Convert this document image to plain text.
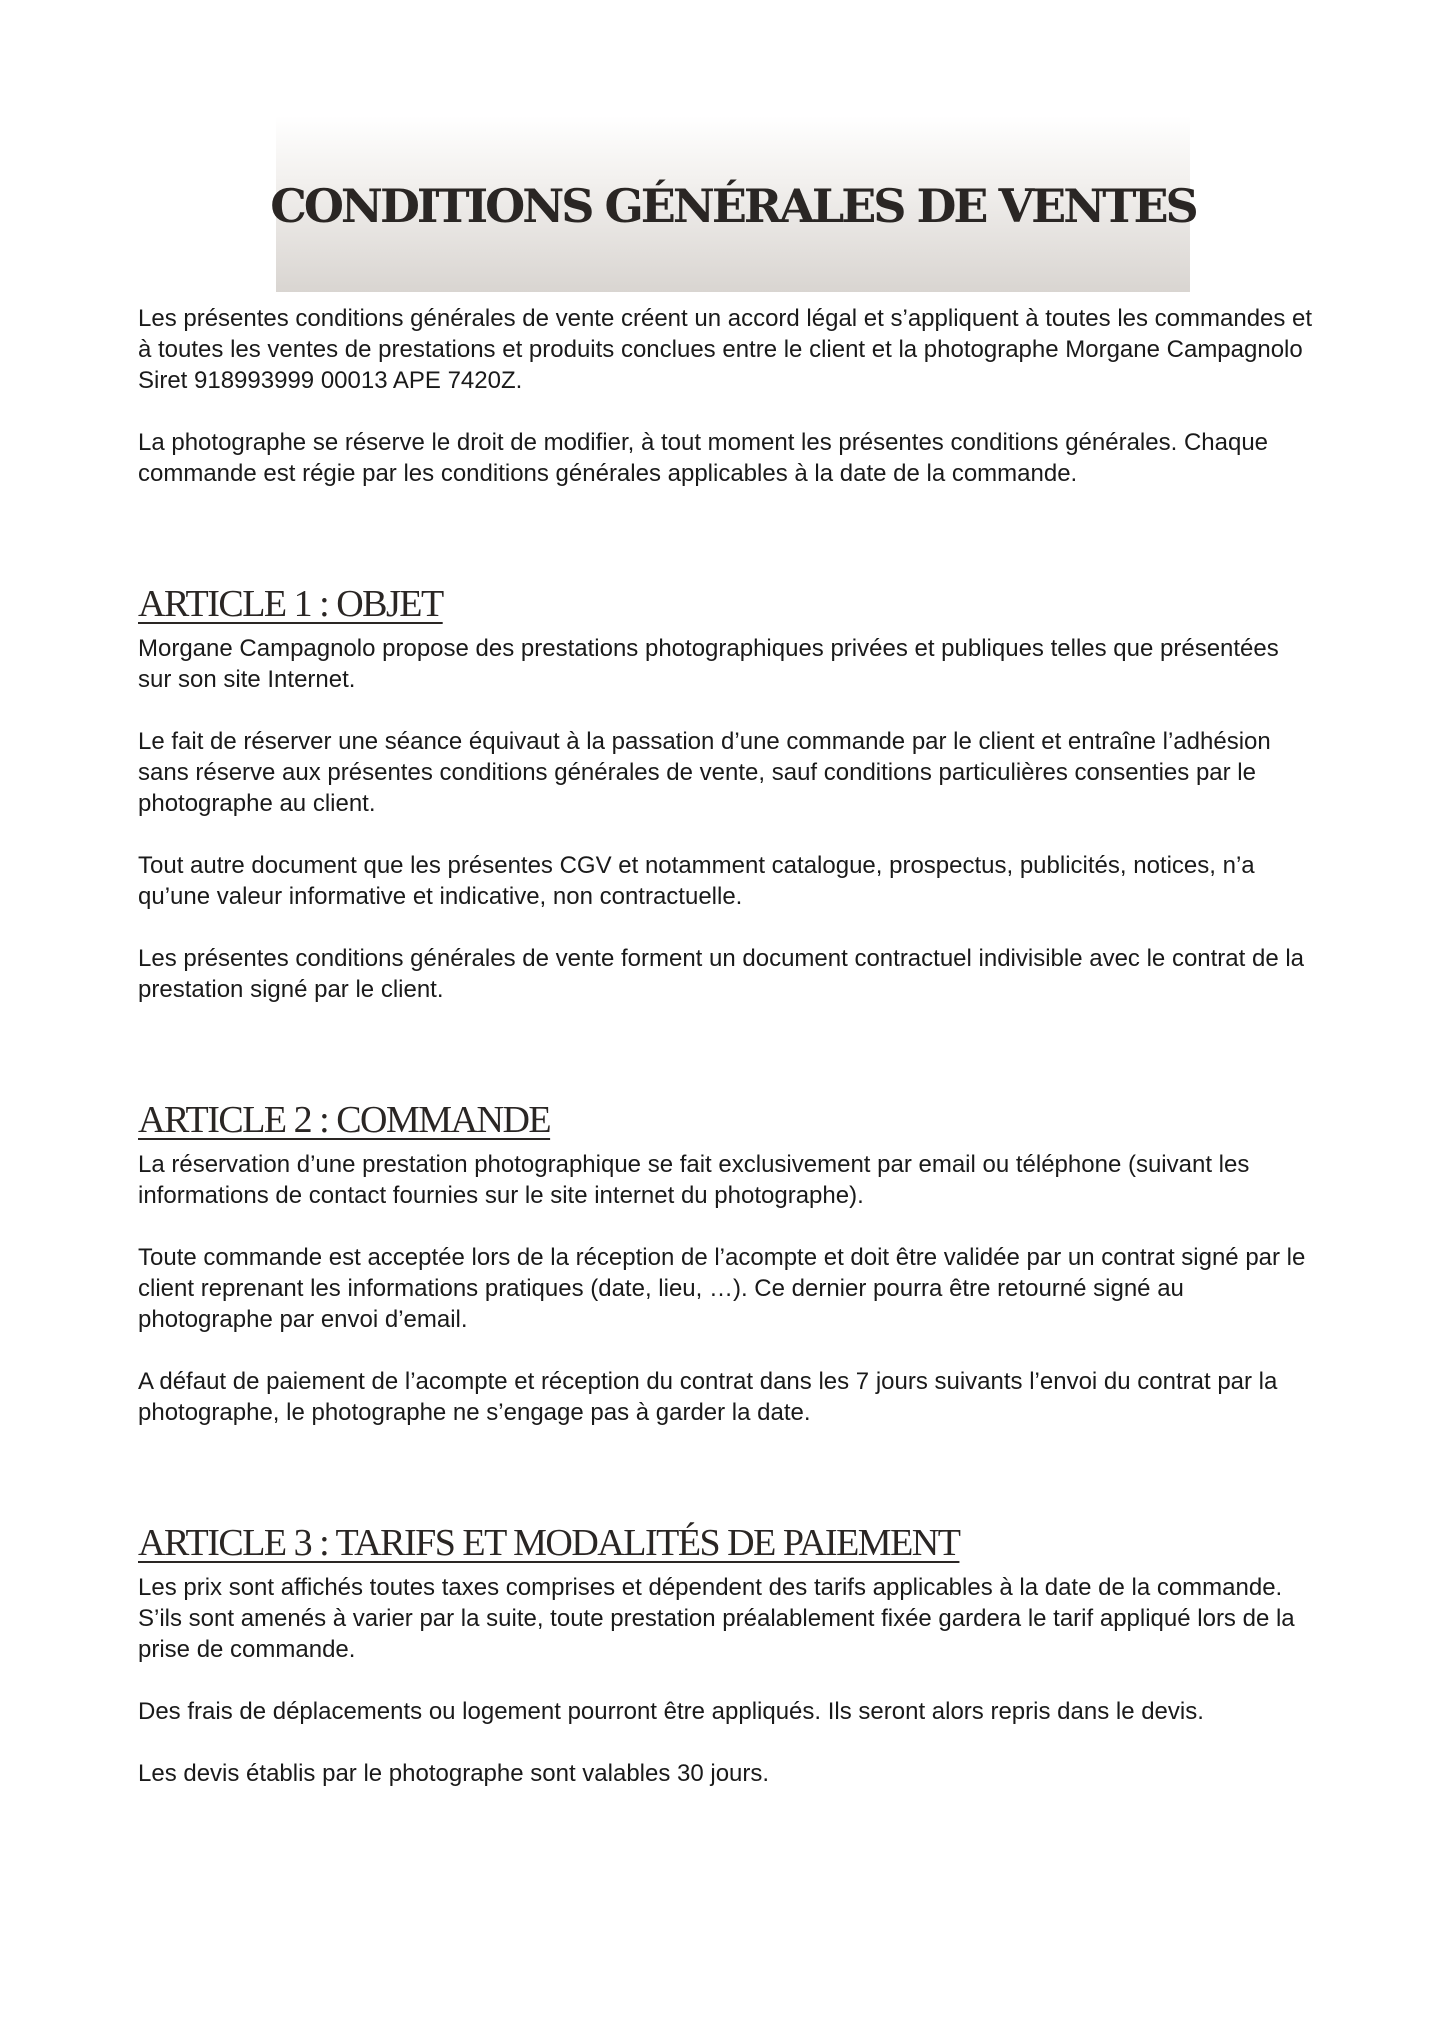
CONDITIONS GÉNÉRALES DE VENTES

Les présentes conditions générales de vente créent un accord légal et s’appliquent à toutes les commandes et à toutes les ventes de prestations et produits conclues entre le client et la photographe Morgane Campagnolo Siret 918993999 00013 APE 7420Z.

La photographe se réserve le droit de modifier, à tout moment les présentes conditions générales. Chaque commande est régie par les conditions générales applicables à la date de la commande.

ARTICLE 1 : OBJET

Morgane Campagnolo propose des prestations photographiques privées et publiques telles que présentées sur son site Internet.

Le fait de réserver une séance équivaut à la passation d’une commande par le client et entraîne l’adhésion sans réserve aux présentes conditions générales de vente, sauf conditions particulières consenties par le photographe au client.

Tout autre document que les présentes CGV et notamment catalogue, prospectus, publicités, notices, n’a qu’une valeur informative et indicative, non contractuelle.

Les présentes conditions générales de vente forment un document contractuel indivisible avec le contrat de la prestation signé par le client.

ARTICLE 2 : COMMANDE

La réservation d’une prestation photographique se fait exclusivement par email ou téléphone (suivant les informations de contact fournies sur le site internet du photographe).

Toute commande est acceptée lors de la réception de l’acompte et doit être validée par un contrat signé par le client reprenant les informations pratiques (date, lieu, …). Ce dernier pourra être retourné signé au photographe par envoi d’email.

A défaut de paiement de l’acompte et réception du contrat dans les 7 jours suivants l’envoi du contrat par la photographe, le photographe ne s’engage pas à garder la date.

ARTICLE 3 : TARIFS ET MODALITÉS DE PAIEMENT

Les prix sont affichés toutes taxes comprises et dépendent des tarifs applicables à la date de la commande. S’ils sont amenés à varier par la suite, toute prestation préalablement fixée gardera le tarif appliqué lors de la prise de commande.

Des frais de déplacements ou logement pourront être appliqués. Ils seront alors repris dans le devis.

Les devis établis par le photographe sont valables 30 jours.
